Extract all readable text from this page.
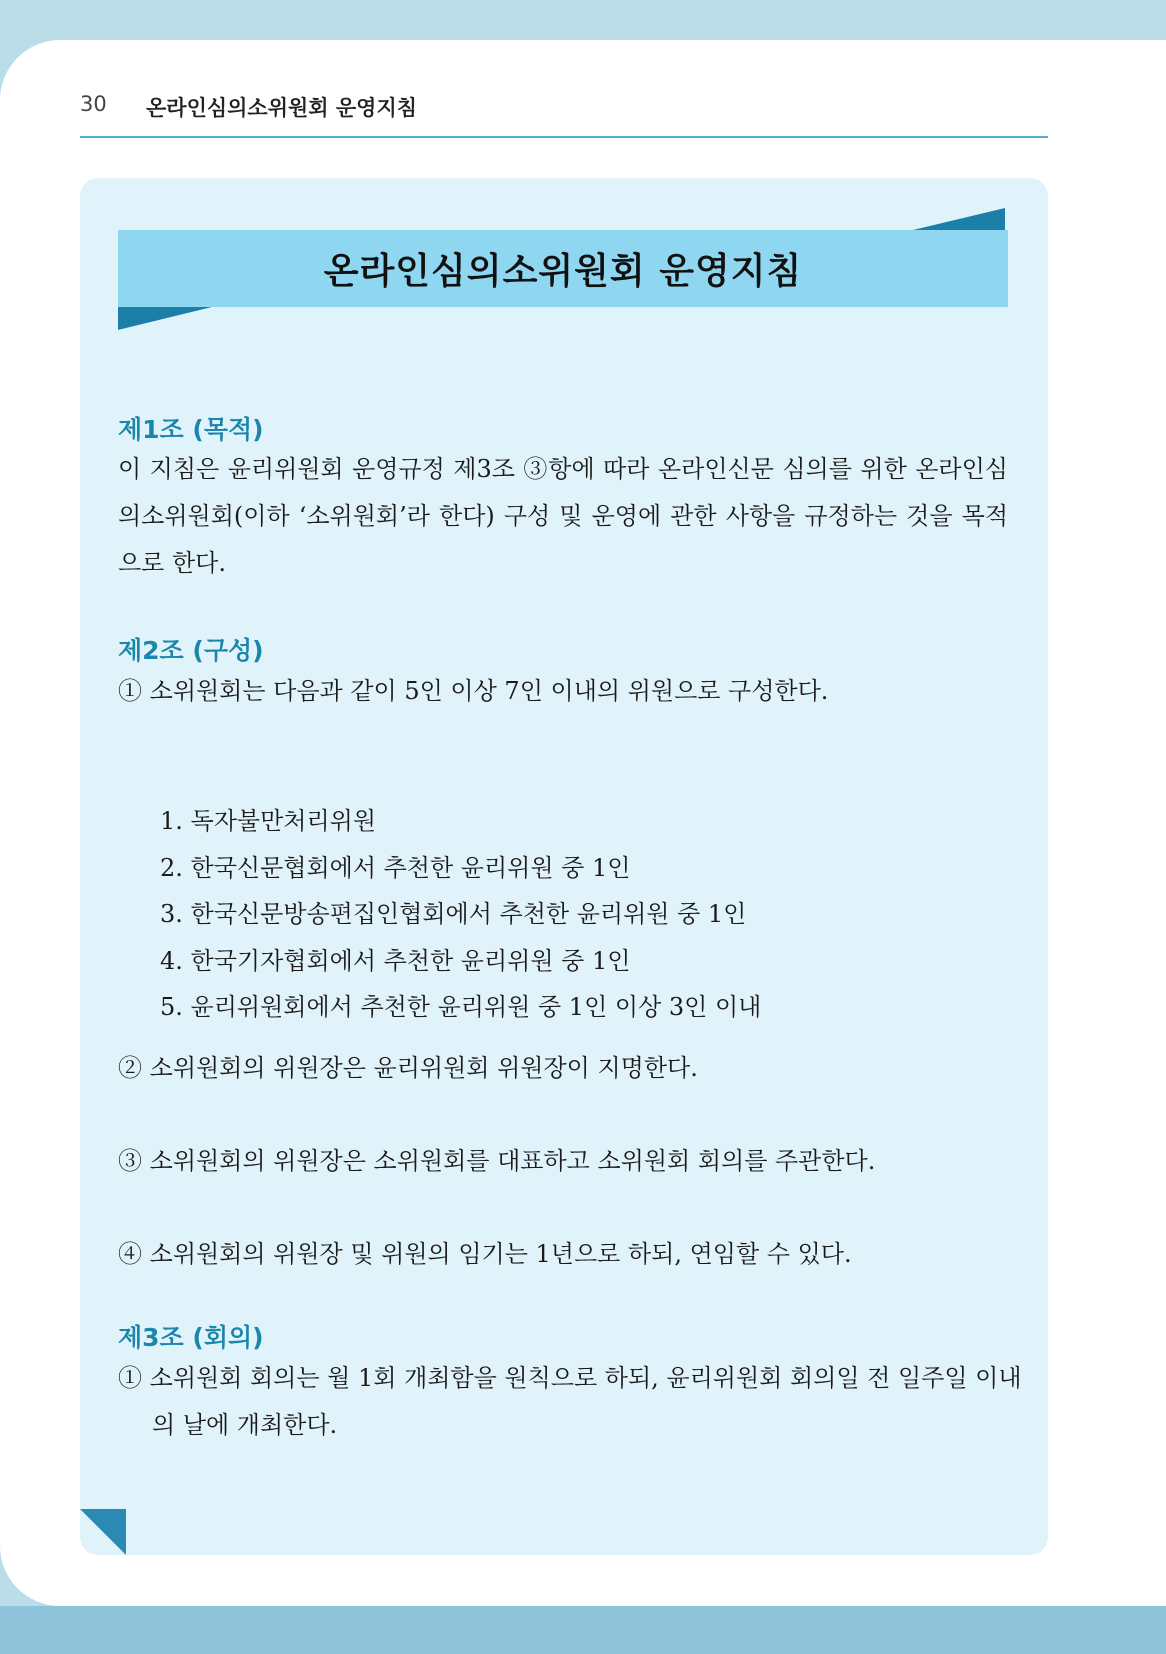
30 온라인심의소위원회 운영지침
온라인심의소위원회 운영지침
제1조 (목적)

이 지침은 윤리위원회 운영규정 제3조 ③항에 따라 온라인신문 심의를 위한 온라인심의소위원회(이하 ‘소위원회’라 한다) 구성 및 운영에 관한 사항을 규정하는 것을 목적으로 한다.

제2조 (구성)

① 소위원회는 다음과 같이 5인 이상 7인 이내의 위원으로 구성한다.

1. 독자불만처리위원
2. 한국신문협회에서 추천한 윤리위원 중 1인
3. 한국신문방송편집인협회에서 추천한 윤리위원 중 1인
4. 한국기자협회에서 추천한 윤리위원 중 1인
5. 윤리위원회에서 추천한 윤리위원 중 1인 이상 3인 이내

② 소위원회의 위원장은 윤리위원회 위원장이 지명한다.

③ 소위원회의 위원장은 소위원회를 대표하고 소위원회 회의를 주관한다.

④ 소위원회의 위원장 및 위원의 임기는 1년으로 하되, 연임할 수 있다.

제3조 (회의)

① 소위원회 회의는 월 1회 개최함을 원칙으로 하되, 윤리위원회 회의일 전 일주일 이내의 날에 개최한다.
